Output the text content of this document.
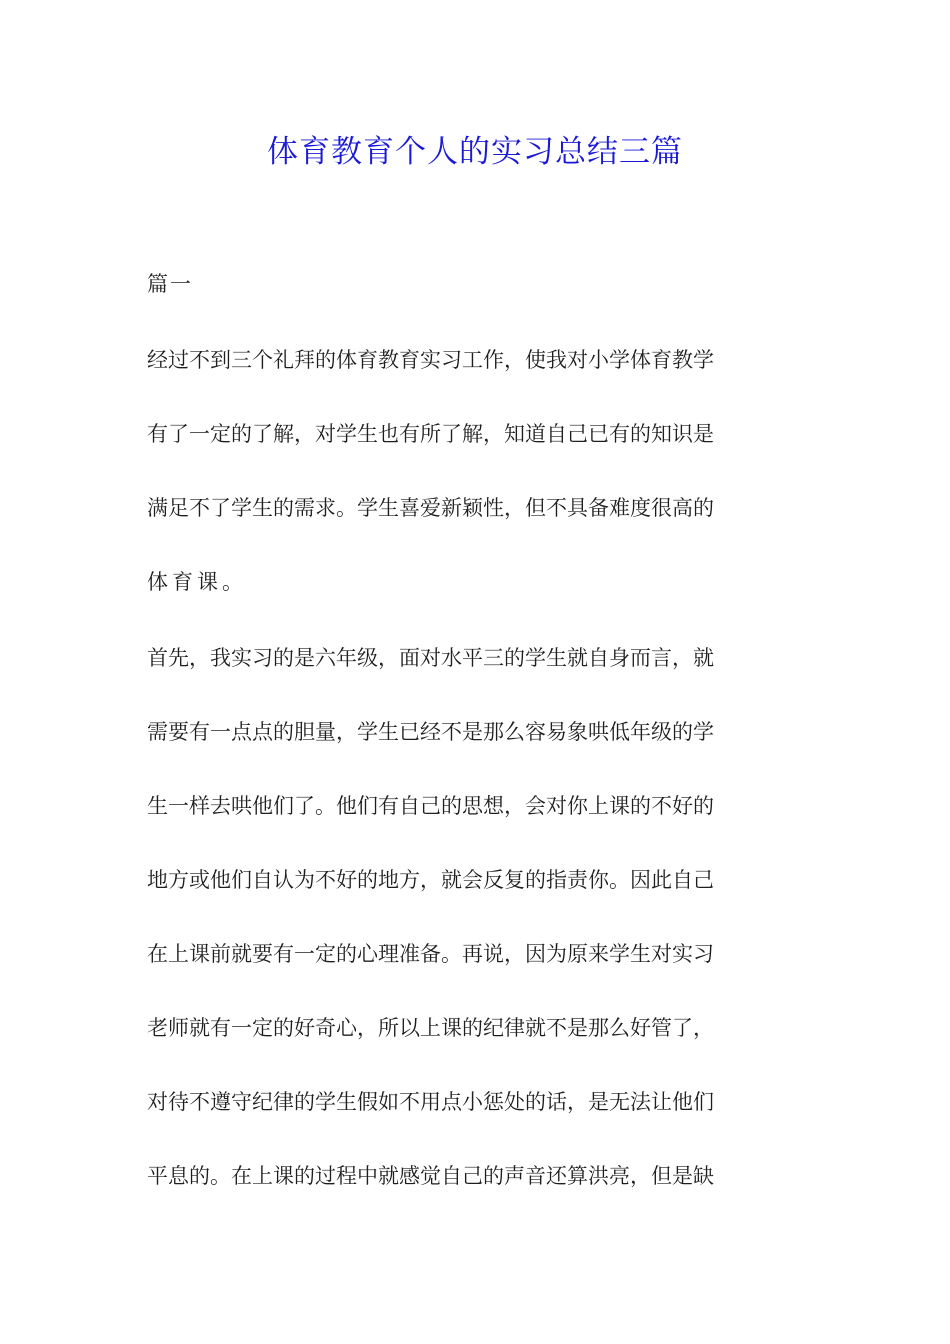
体育教育个人的实习总结三篇
篇一
经过不到三个礼拜的体育教育实习工作，使我对小学体育教学
有了一定的了解，对学生也有所了解，知道自己已有的知识是
满足不了学生的需求。学生喜爱新颖性，但不具备难度很高的
体育课。
首先，我实习的是六年级，面对水平三的学生就自身而言，就
需要有一点点的胆量，学生已经不是那么容易象哄低年级的学
生一样去哄他们了。他们有自己的思想，会对你上课的不好的
地方或他们自认为不好的地方，就会反复的指责你。因此自己
在上课前就要有一定的心理准备。再说，因为原来学生对实习
老师就有一定的好奇心，所以上课的纪律就不是那么好管了，
对待不遵守纪律的学生假如不用点小惩处的话，是无法让他们
平息的。在上课的过程中就感觉自己的声音还算洪亮，但是缺
